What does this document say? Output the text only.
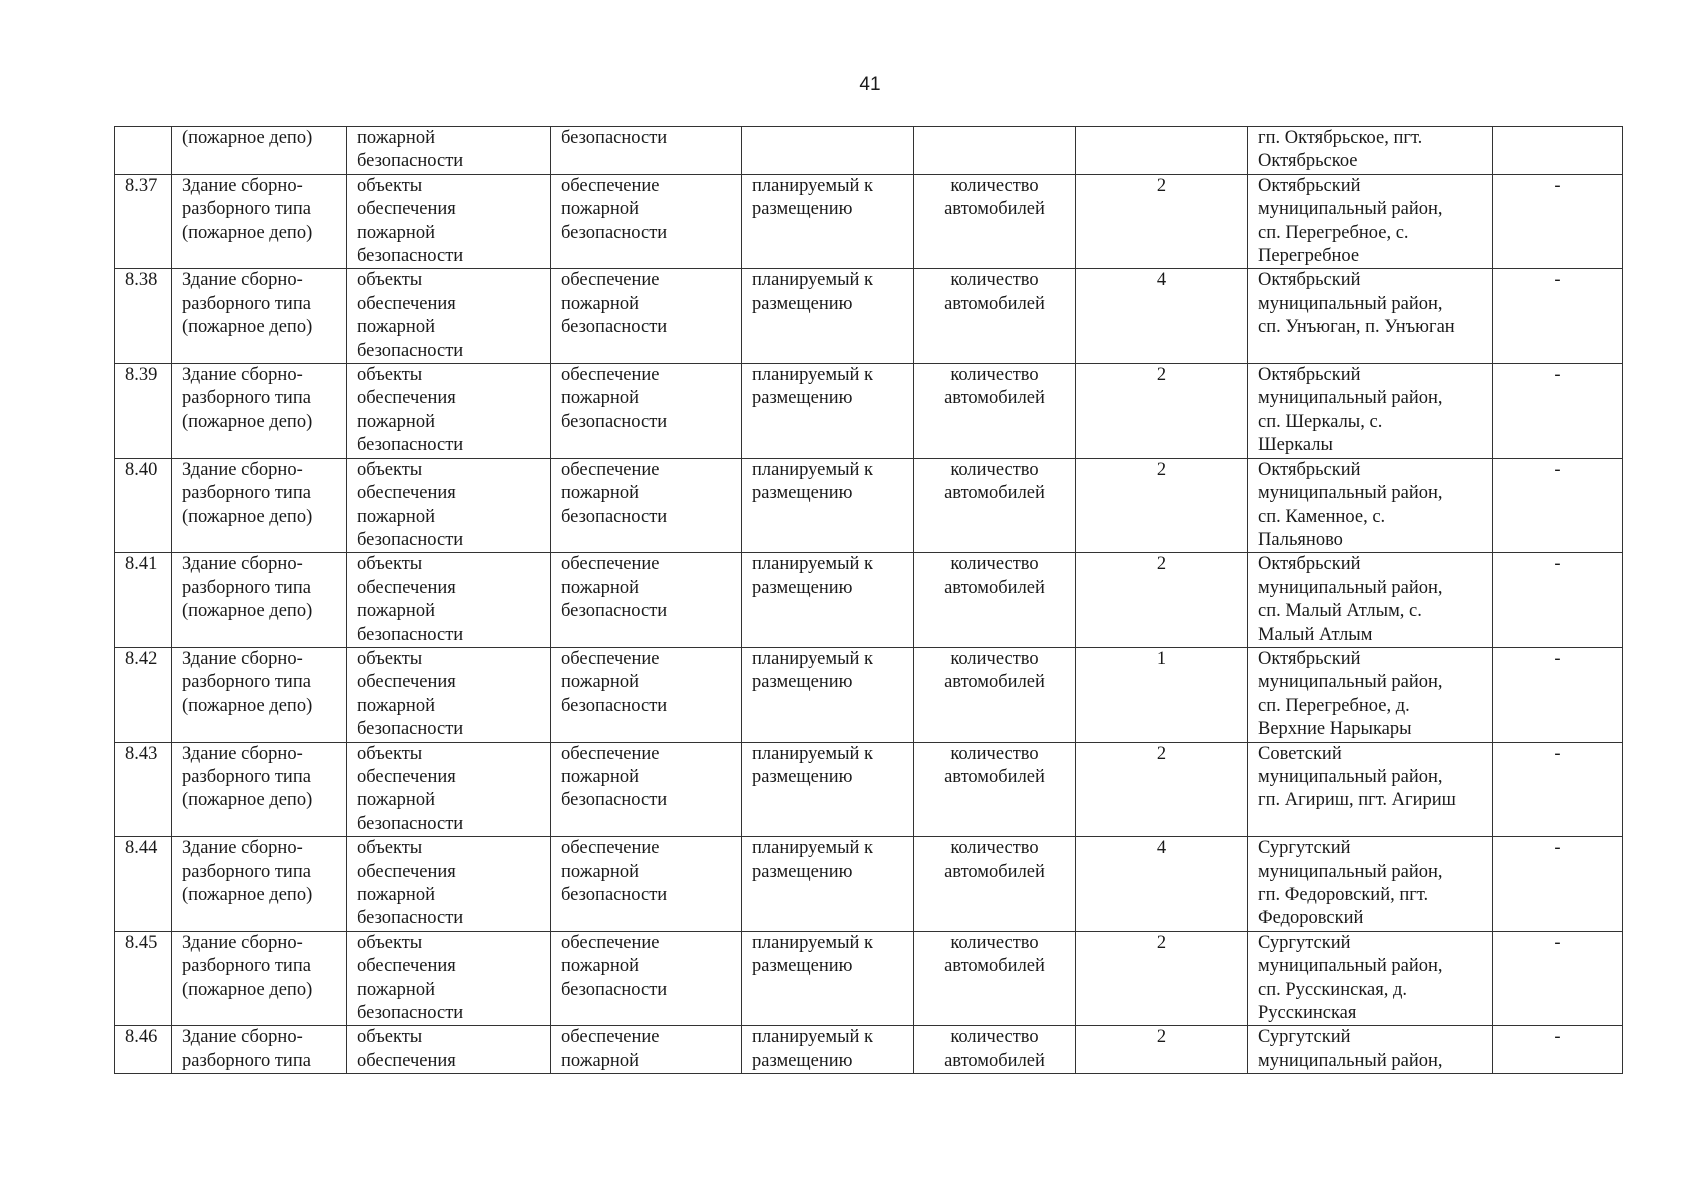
41

	(пожарное депо)	пожарной
безопасности	безопасности				гп. Октябрьское, пгт.
Октябрьское	

8.37	Здание сборно-
разборного типа
(пожарное депо)	объекты
обеспечения
пожарной
безопасности	обеспечение
пожарной
безопасности	планируемый к
размещению	количество
автомобилей	2	Октябрьский
муниципальный район,
сп. Перегребное, с.
Перегребное	-
8.38	Здание сборно-
разборного типа
(пожарное депо)	объекты
обеспечения
пожарной
безопасности	обеспечение
пожарной
безопасности	планируемый к
размещению	количество
автомобилей	4	Октябрьский
муниципальный район,
сп. Унъюган, п. Унъюган	-
8.39	Здание сборно-
разборного типа
(пожарное депо)	объекты
обеспечения
пожарной
безопасности	обеспечение
пожарной
безопасности	планируемый к
размещению	количество
автомобилей	2	Октябрьский
муниципальный район,
сп. Шеркалы, с.
Шеркалы	-
8.40	Здание сборно-
разборного типа
(пожарное депо)	объекты
обеспечения
пожарной
безопасности	обеспечение
пожарной
безопасности	планируемый к
размещению	количество
автомобилей	2	Октябрьский
муниципальный район,
сп. Каменное, с.
Пальяново	-
8.41	Здание сборно-
разборного типа
(пожарное депо)	объекты
обеспечения
пожарной
безопасности	обеспечение
пожарной
безопасности	планируемый к
размещению	количество
автомобилей	2	Октябрьский
муниципальный район,
сп. Малый Атлым, с.
Малый Атлым	-
8.42	Здание сборно-
разборного типа
(пожарное депо)	объекты
обеспечения
пожарной
безопасности	обеспечение
пожарной
безопасности	планируемый к
размещению	количество
автомобилей	1	Октябрьский
муниципальный район,
сп. Перегребное, д.
Верхние Нарыкары	-
8.43	Здание сборно-
разборного типа
(пожарное депо)	объекты
обеспечения
пожарной
безопасности	обеспечение
пожарной
безопасности	планируемый к
размещению	количество
автомобилей	2	Советский
муниципальный район,
гп. Агириш, пгт. Агириш	-
8.44	Здание сборно-
разборного типа
(пожарное депо)	объекты
обеспечения
пожарной
безопасности	обеспечение
пожарной
безопасности	планируемый к
размещению	количество
автомобилей	4	Сургутский
муниципальный район,
гп. Федоровский, пгт.
Федоровский	-
8.45	Здание сборно-
разборного типа
(пожарное депо)	объекты
обеспечения
пожарной
безопасности	обеспечение
пожарной
безопасности	планируемый к
размещению	количество
автомобилей	2	Сургутский
муниципальный район,
сп. Русскинская, д.
Русскинская	-
8.46	Здание сборно-
разборного типа	объекты
обеспечения	обеспечение
пожарной	планируемый к
размещению	количество
автомобилей	2	Сургутский
муниципальный район,	-
